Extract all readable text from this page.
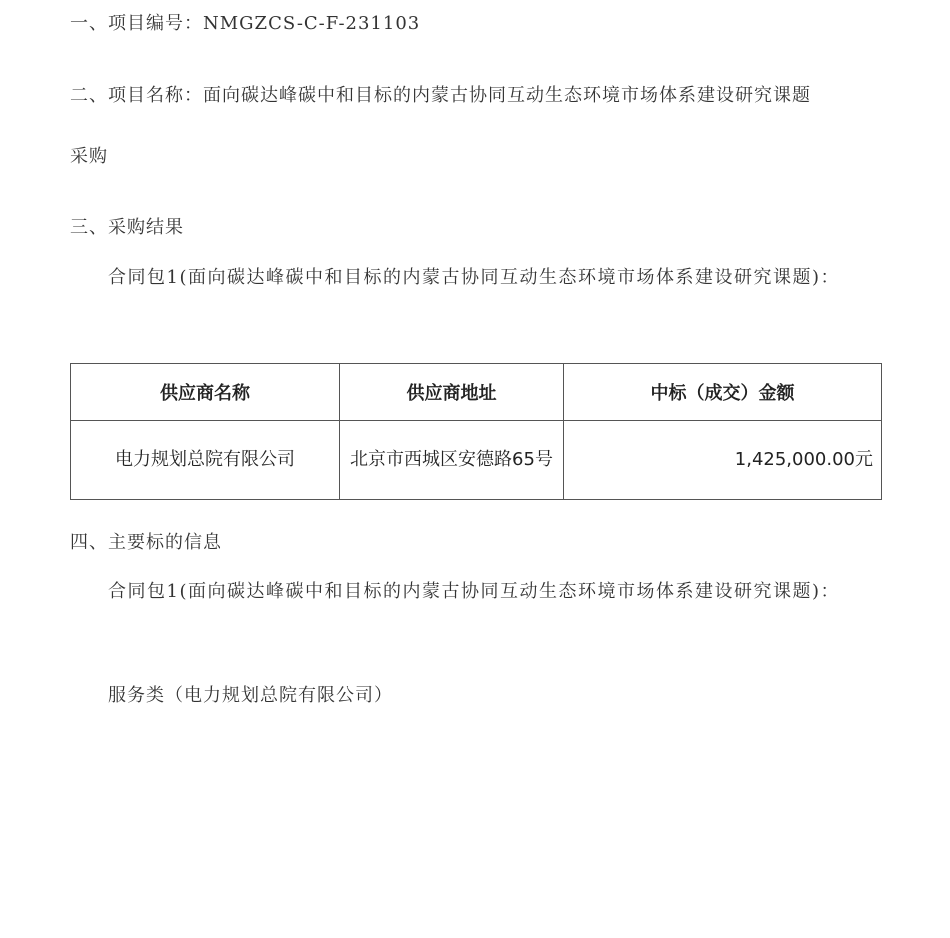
一、项目编号：NMGZCS-C-F-231103

二、项目名称：面向碳达峰碳中和目标的内蒙古协同互动生态环境市场体系建设研究课题

采购

三、采购结果

合同包1(面向碳达峰碳中和目标的内蒙古协同互动生态环境市场体系建设研究课题)：

供应商名称	供应商地址	中标（成交）金额
电力规划总院有限公司	北京市西城区安德路65号	1,425,000.00元

四、主要标的信息

合同包1(面向碳达峰碳中和目标的内蒙古协同互动生态环境市场体系建设研究课题)：

服务类（电力规划总院有限公司）
